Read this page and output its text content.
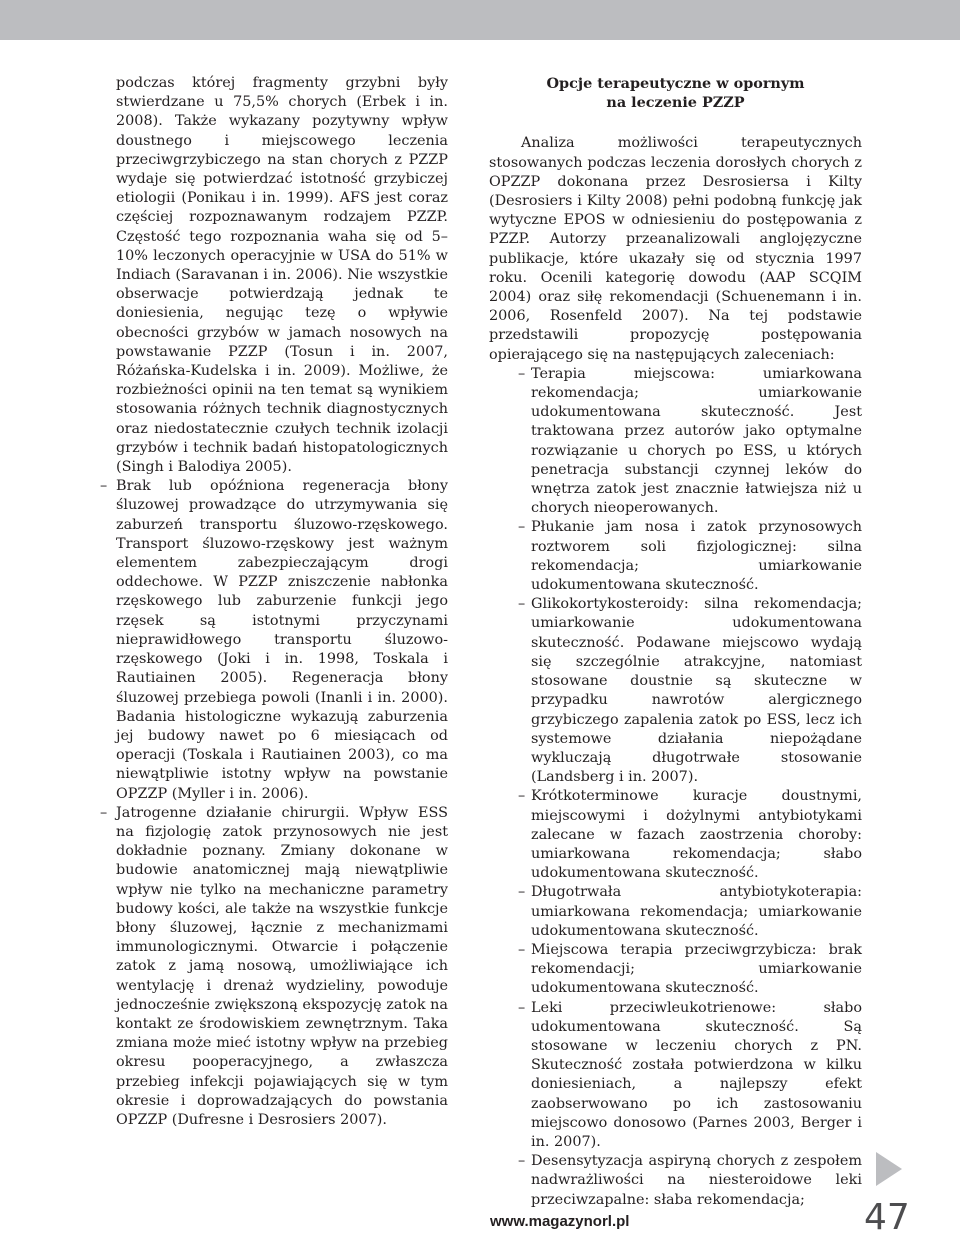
podczas której fragmenty grzybni były stwierdzane u 75,5% chorych (Erbek i in. 2008). Także wykazany pozytywny wpływ doustnego i miejscowego leczenia przeciwgrzybiczego na stan chorych z PZZP wydaje się potwierdzać istotność grzybiczej etiologii (Ponikau i in. 1999). AFS jest coraz częściej rozpoznawanym rodzajem PZZP. Częstość tego rozpoznania waha się od 5–10% leczonych operacyjnie w USA do 51% w Indiach (Saravanan i in. 2006). Nie wszystkie obserwacje potwierdzają jednak te doniesienia, negując tezę o wpływie obecności grzybów w jamach nosowych na powstawanie PZZP (Tosun i in. 2007, Różańska-Kudelska i in. 2009). Możliwe, że rozbieżności opinii na ten temat są wynikiem stosowania różnych technik diagnostycznych oraz niedostatecznie czułych technik izolacji grzybów i technik badań histopatologicznych (Singh i Balodiya 2005).

– Brak lub opóźniona regeneracja błony śluzowej prowadzące do utrzymywania się zaburzeń transportu śluzowo-rzęskowego. Transport śluzowo-rzęskowy jest ważnym elementem zabezpieczającym drogi oddechowe. W PZZP zniszczenie nabłonka rzęskowego lub zaburzenie funkcji jego rzęsek są istotnymi przyczynami nieprawidłowego transportu śluzowo-rzęskowego (Joki i in. 1998, Toskala i Rautiainen 2005). Regeneracja błony śluzowej przebiega powoli (Inanli i in. 2000). Badania histologiczne wykazują zaburzenia jej budowy nawet po 6 miesiącach od operacji (Toskala i Rautiainen 2003), co ma niewątpliwie istotny wpływ na powstanie OPZZP (Myller i in. 2006).
– Jatrogenne działanie chirurgii. Wpływ ESS na fizjologię zatok przynosowych nie jest dokładnie poznany. Zmiany dokonane w budowie anatomicznej mają niewątpliwie wpływ nie tylko na mechaniczne parametry budowy kości, ale także na wszystkie funkcje błony śluzowej, łącznie z mechanizmami immunologicznymi. Otwarcie i połączenie zatok z jamą nosową, umożliwiające ich wentylację i drenaż wydzieliny, powoduje jednocześnie zwiększoną ekspozycję zatok na kontakt ze środowiskiem zewnętrznym. Taka zmiana może mieć istotny wpływ na przebieg okresu pooperacyjnego, a zwłaszcza przebieg infekcji pojawiających się w tym okresie i doprowadzających do powstania OPZZP (Dufresne i Desrosiers 2007).
Opcje terapeutyczne w opornym
na leczenie PZZP

Analiza możliwości terapeutycznych stosowanych podczas leczenia dorosłych chorych z OPZZP dokonana przez Desrosiersa i Kilty (Desrosiers i Kilty 2008) pełni podobną funkcję jak wytyczne EPOS w odniesieniu do postępowania z PZZP. Autorzy przeanalizowali anglojęzyczne publikacje, które ukazały się od stycznia 1997 roku. Ocenili kategorię dowodu (AAP SCQIM 2004) oraz siłę rekomendacji (Schuenemann i in. 2006, Rosenfeld 2007). Na tej podstawie przedstawili propozycję postępowania opierającego się na następujących zaleceniach:

– Terapia miejscowa: umiarkowana rekomendacja; umiarkowanie udokumentowana skuteczność. Jest traktowana przez autorów jako optymalne rozwiązanie u chorych po ESS, u których penetracja substancji czynnej leków do wnętrza zatok jest znacznie łatwiejsza niż u chorych nieoperowanych.
– Płukanie jam nosa i zatok przynosowych roztworem soli fizjologicznej: silna rekomendacja; umiarkowanie udokumentowana skuteczność.
– Glikokortykosteroidy: silna rekomendacja; umiarkowanie udokumentowana skuteczność. Podawane miejscowo wydają się szczególnie atrakcyjne, natomiast stosowane doustnie są skuteczne w przypadku nawrotów alergicznego grzybiczego zapalenia zatok po ESS, lecz ich systemowe działania niepożądane wykluczają długotrwałe stosowanie (Landsberg i in. 2007).
– Krótkoterminowe kuracje doustnymi, miejscowymi i dożylnymi antybiotykami zalecane w fazach zaostrzenia choroby: umiarkowana rekomendacja; słabo udokumentowana skuteczność.
– Długotrwała antybiotykoterapia: umiarkowana rekomendacja; umiarkowanie udokumentowana skuteczność.
– Miejscowa terapia przeciwgrzybicza: brak rekomendacji; umiarkowanie udokumentowana skuteczność.
– Leki przeciwleukotrienowe: słabo udokumentowana skuteczność. Są stosowane w leczeniu chorych z PN. Skuteczność została potwierdzona w kilku doniesieniach, a najlepszy efekt zaobserwowano po ich zastosowaniu miejscowo donosowo (Parnes 2003, Berger i in. 2007).
– Desensytyzacja aspiryną chorych z zespołem nadwrażliwości na niesteroidowe leki przeciwzapalne: słaba rekomendacja;
www.magazynorl.pl	47
